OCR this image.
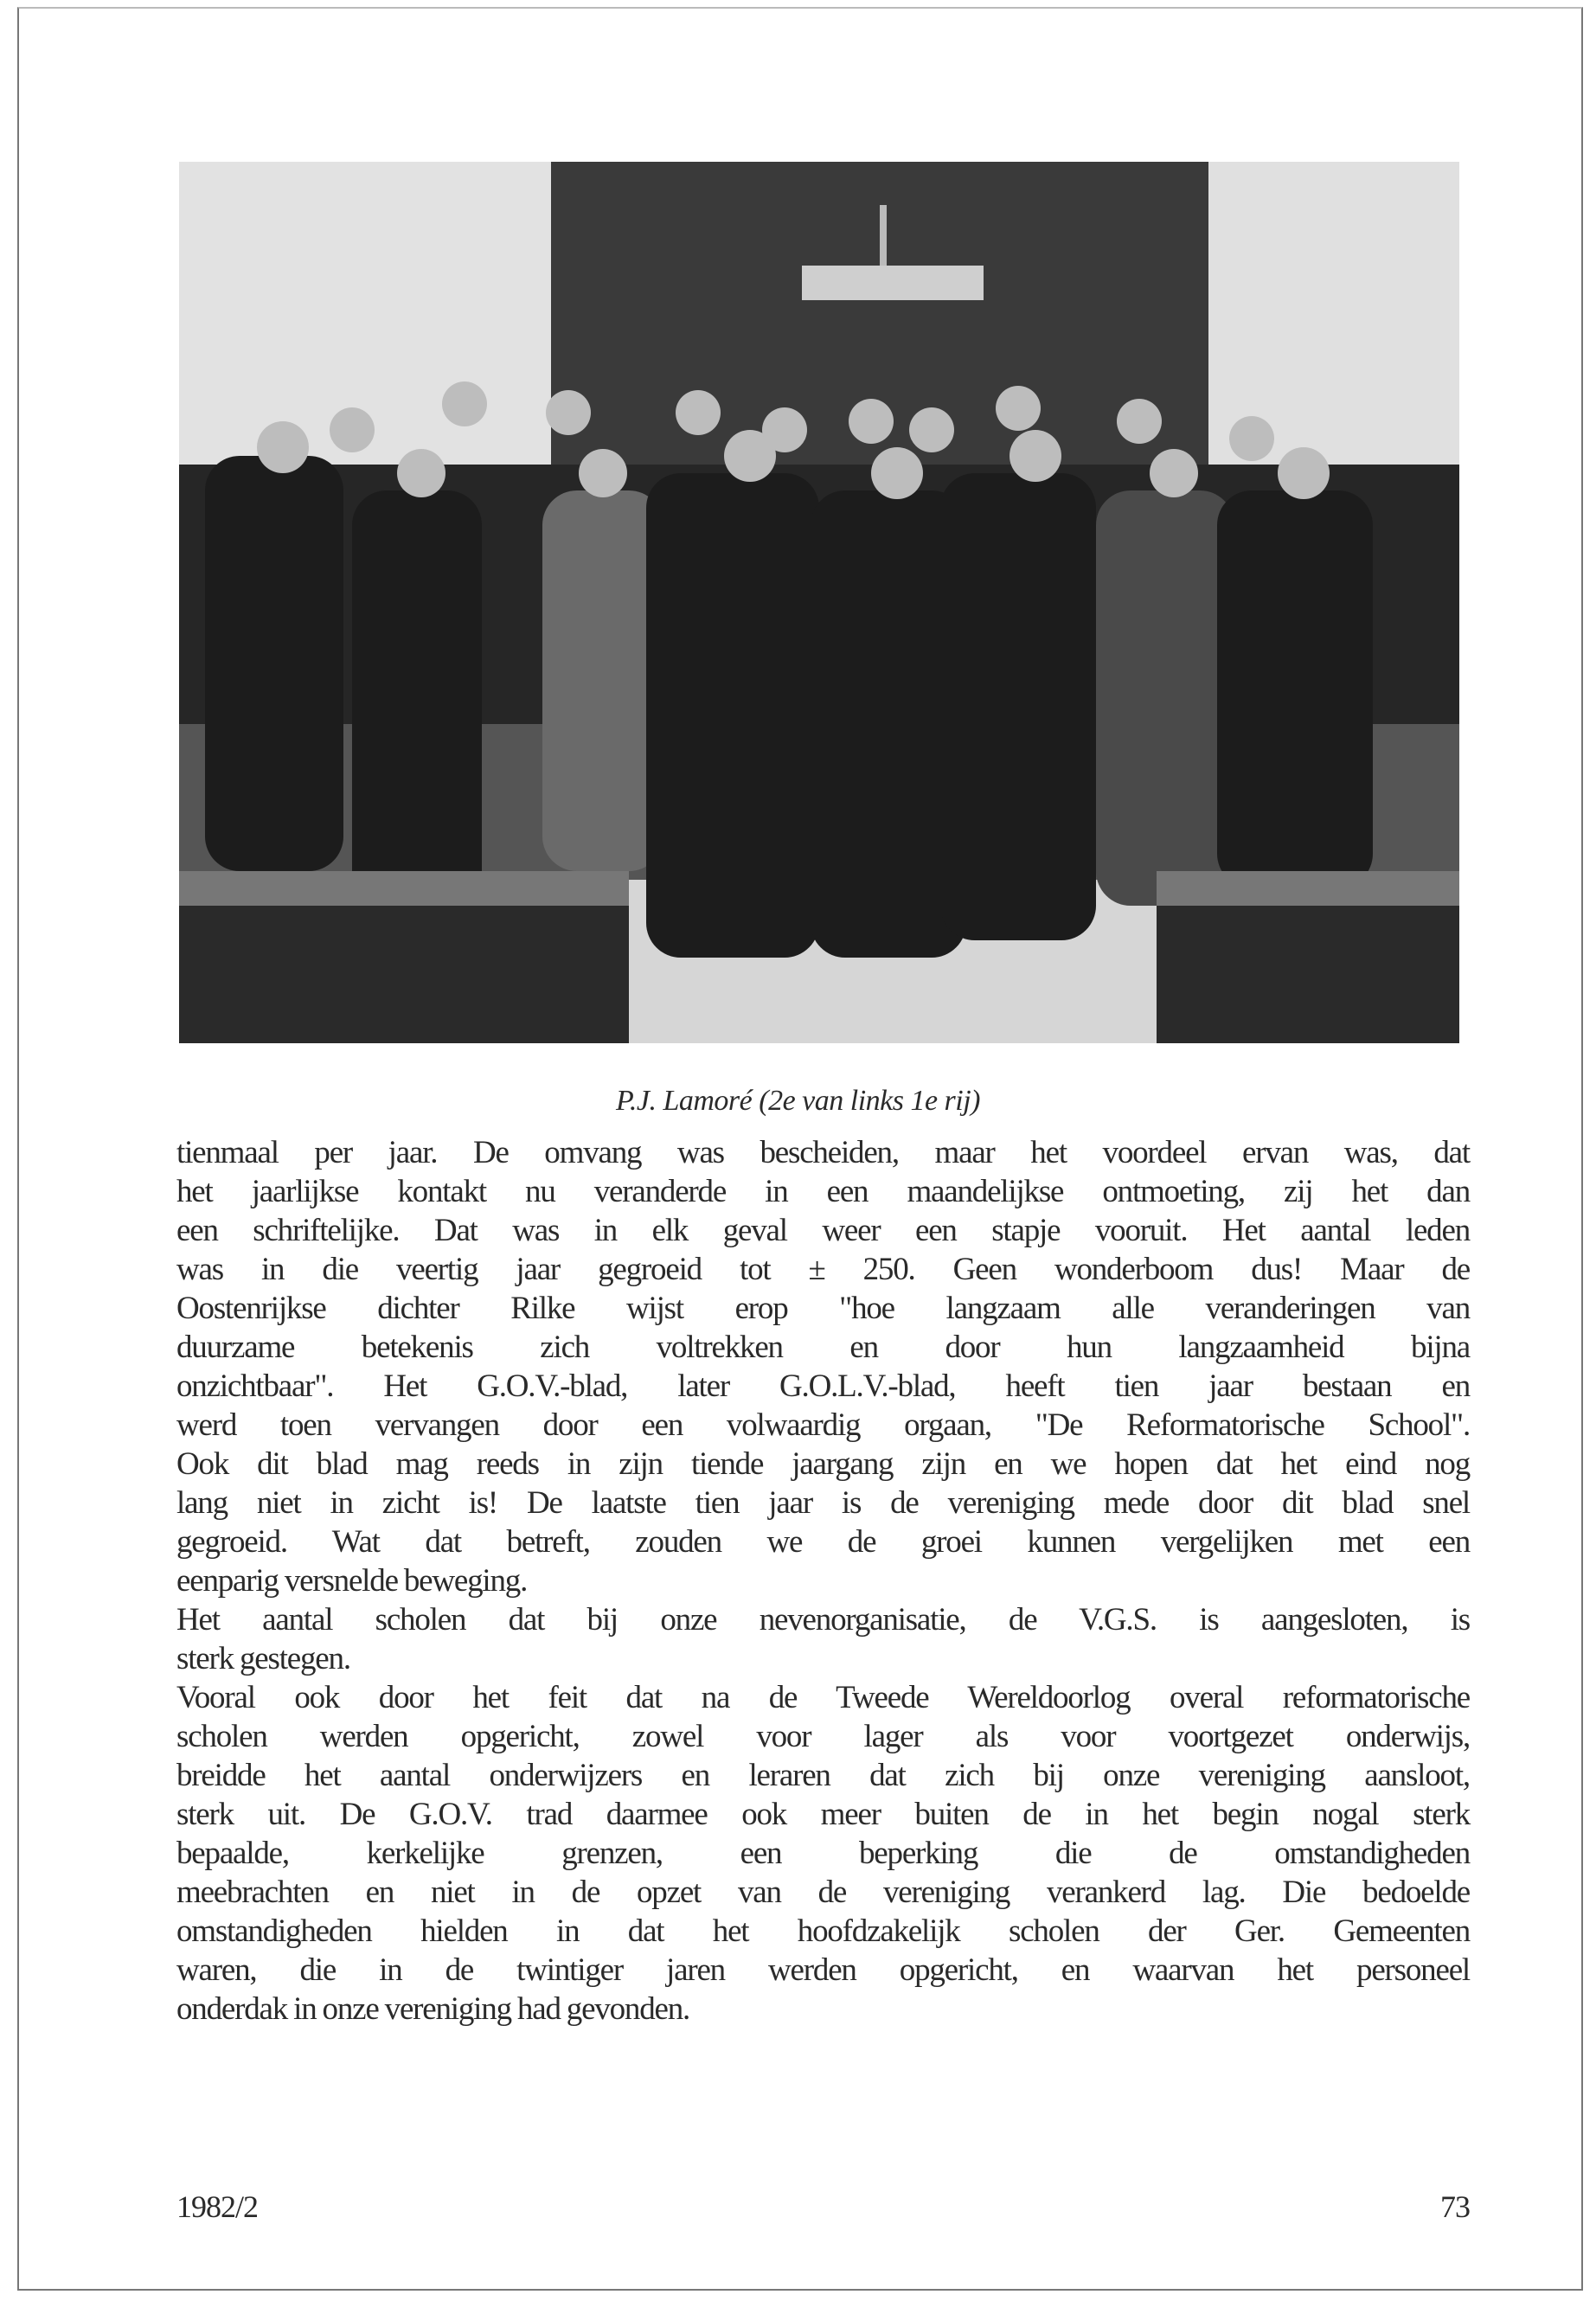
P.J. Lamoré (2e van links 1e rij)
tienmaal per jaar. De omvang was bescheiden, maar het voordeel ervan was, dat
het jaarlijkse kontakt nu veranderde in een maandelijkse ontmoeting, zij het dan
een schriftelijke. Dat was in elk geval weer een stapje vooruit. Het aantal leden
was in die veertig jaar gegroeid tot ± 250. Geen wonderboom dus! Maar de
Oostenrijkse dichter Rilke wijst erop "hoe langzaam alle veranderingen van
duurzame betekenis zich voltrekken en door hun langzaamheid bijna
onzichtbaar". Het G.O.V.-blad, later G.O.L.V.-blad, heeft tien jaar bestaan en
werd toen vervangen door een volwaardig orgaan, "De Reformatorische School".
Ook dit blad mag reeds in zijn tiende jaargang zijn en we hopen dat het eind nog
lang niet in zicht is! De laatste tien jaar is de vereniging mede door dit blad snel
gegroeid. Wat dat betreft, zouden we de groei kunnen vergelijken met een
eenparig versnelde beweging.
Het aantal scholen dat bij onze nevenorganisatie, de V.G.S. is aangesloten, is
sterk gestegen.
Vooral ook door het feit dat na de Tweede Wereldoorlog overal reformatorische
scholen werden opgericht, zowel voor lager als voor voortgezet onderwijs,
breidde het aantal onderwijzers en leraren dat zich bij onze vereniging aansloot,
sterk uit. De G.O.V. trad daarmee ook meer buiten de in het begin nogal sterk
bepaalde, kerkelijke grenzen, een beperking die de omstandigheden
meebrachten en niet in de opzet van de vereniging verankerd lag. Die bedoelde
omstandigheden hielden in dat het hoofdzakelijk scholen der Ger. Gemeenten
waren, die in de twintiger jaren werden opgericht, en waarvan het personeel
onderdak in onze vereniging had gevonden.
1982/2	73
